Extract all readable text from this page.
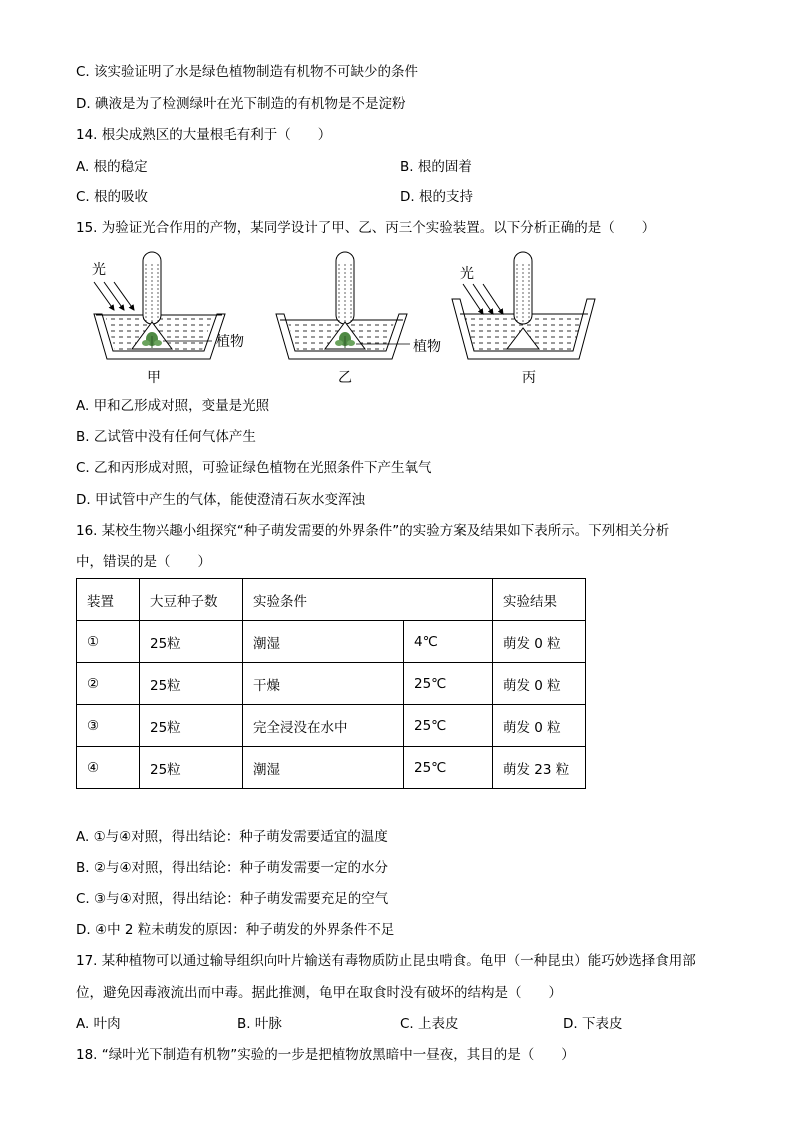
C. 该实验证明了水是绿色植物制造有机物不可缺少的条件
D. 碘液是为了检测绿叶在光下制造的有机物是不是淀粉
14. 根尖成熟区的大量根毛有利于（　　）
A. 根的稳定	B. 根的固着
C. 根的吸收	D. 根的支持
15. 为验证光合作用的产物，某同学设计了甲、乙、丙三个实验装置。以下分析正确的是（　　）
光
植物
甲
植物
乙
光
丙
A. 甲和乙形成对照，变量是光照
B. 乙试管中没有任何气体产生
C. 乙和丙形成对照，可验证绿色植物在光照条件下产生氧气
D. 甲试管中产生的气体，能使澄清石灰水变浑浊
16. 某校生物兴趣小组探究“种子萌发需要的外界条件”的实验方案及结果如下表所示。下列相关分析
中，错误的是（　　）
装置	大豆种子数	实验条件		实验结果
①	25粒	潮湿	4℃	萌发 0 粒
②	25粒	干燥	25℃	萌发 0 粒
③	25粒	完全浸没在水中	25℃	萌发 0 粒
④	25粒	潮湿	25℃	萌发 23 粒
A. ①与④对照，得出结论：种子萌发需要适宜的温度
B. ②与④对照，得出结论：种子萌发需要一定的水分
C. ③与④对照，得出结论：种子萌发需要充足的空气
D. ④中 2 粒未萌发的原因：种子萌发的外界条件不足
17. 某种植物可以通过输导组织向叶片输送有毒物质防止昆虫啃食。龟甲（一种昆虫）能巧妙选择食用部
位，避免因毒液流出而中毒。据此推测，龟甲在取食时没有破坏的结构是（　　）
A. 叶肉	B. 叶脉	C. 上表皮	D. 下表皮
18. “绿叶光下制造有机物”实验的一步是把植物放黑暗中一昼夜，其目的是（　　）
